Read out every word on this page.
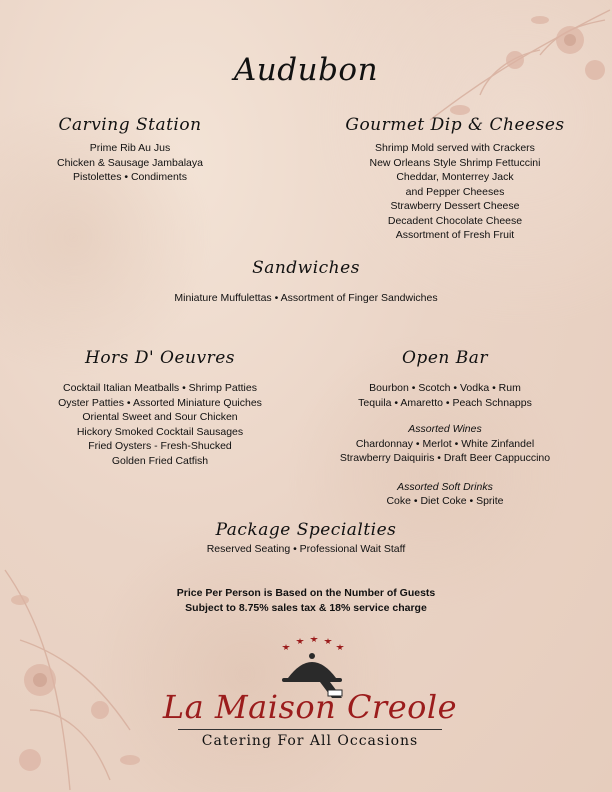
Audubon
Carving Station
Prime Rib Au Jus
Chicken & Sausage Jambalaya
Pistolettes • Condiments
Gourmet Dip & Cheeses
Shrimp Mold served with Crackers
New Orleans Style Shrimp Fettuccini
Cheddar, Monterrey Jack
and Pepper Cheeses
Strawberry Dessert Cheese
Decadent Chocolate Cheese
Assortment of Fresh Fruit
Sandwiches
Miniature Muffulettas • Assortment of Finger Sandwiches
Hors D' Oeuvres
Cocktail Italian Meatballs • Shrimp Patties
Oyster Patties • Assorted Miniature Quiches
Oriental Sweet and Sour Chicken
Hickory Smoked Cocktail Sausages
Fried Oysters - Fresh-Shucked
Golden Fried Catfish
Open Bar
Bourbon • Scotch • Vodka • Rum
Tequila • Amaretto • Peach Schnapps
Assorted Wines
Chardonnay • Merlot • White Zinfandel
Strawberry Daiquiris • Draft Beer Cappuccino
Assorted Soft Drinks
Coke • Diet Coke • Sprite
Package Specialties
Reserved Seating • Professional Wait Staff
Price Per Person is Based on the Number of Guests
Subject to 8.75% sales tax & 18% service charge
La Maison Creole
Catering For All Occasions
